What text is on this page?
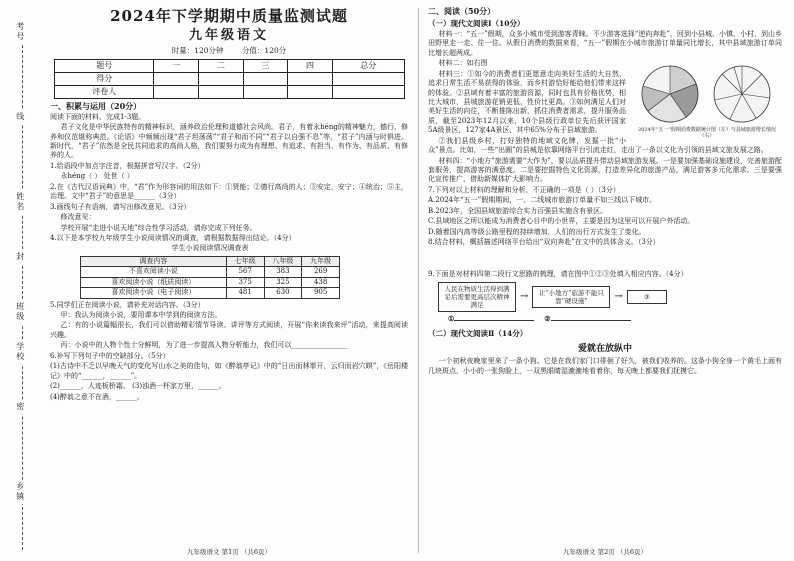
考号
姓名
班级
学校
乡镇
线
封
密
2024年下学期期中质量监测试题
九年级语文
时量：120分钟 分值：120分
题号	一	二	三	四	总分
得分					
评卷人					
一、积累与运用（20分）

阅读下面的材料，完成1-3题。

君子文化是中华民族特有的精神标识，涵养政治伦理和道德社会风尚。君子，有着永héng的精神魅力，德行、修养和仪范堪称典范。《论语》中频频出现“君子坦荡荡”“君子和而不同”“君子以自强不息”等，“君子”内涵与时俱进。新时代，“君子”依然是全民共同追求的高尚人格，我们要努力成为有理想、有追求、有担当、有作为、有品质、有修养的人。

1.给语段中加点字注音，根据拼音写汉字。（2分）

永héng（ ） 处世（ ）

2.在《古代汉语词典》中，“君”作为形容词的用法如下：①贤能；②德行高尚的人；③安定，安宁；④统治；⑤主，治理。文中“君子”的意思是______（3分）

3.画线句子有语病，请写出修改意见。（3分）

修改意见：

学校开展“走进小说天地”综合性学习活动，请你完成下列任务。

4.以下是本学校九年级学生小说阅读情况的调查，请根据数据得出结论。（4分）

学生小说阅读情况调查表
调查内容	七年级	八年级	九年级
不喜欢阅读小说	567	383	269
喜欢阅读小说（纸质阅读）	375	325	438
喜欢阅读小说（电子阅读）	481	630	905

5.同学们正在阅读小说，请补充对话内容。（3分）

甲：我认为阅读小说，要用课本中学到的阅读方法。

乙：有的小说篇幅很长，我们可以借助精彩情节导读、讲评等方式阅读，开展“你来读我来评”活动，来提高阅读兴趣。

丙：小说中的人物个性十分鲜明，为了进一步提高人物分析能力，我们可以________________

6.补写下列句子中的空缺部分。（5分）

(1)古诗中不乏以早晚天气的变化写山水之美的佳句，如《醉翁亭记》中的“日出而林霏开，云归而岩穴暝”，《岳阳楼记》中的“______，______”。

(2)______，人迹板桥霜。 (3)浊酒一杯家万里，______。

(4)醉翁之意不在酒，______。

九年级语文 第1页 （共6页）
二、阅读（50分）
（一）现代文阅读Ⅰ（10分）

材料一：“五一”假期，众多小城市受到游客青睐。不少游客选择“逆向奔赴”，回到小县城、小镇、小村，到山乡田野里走一走、住一住。从假日消费的数据来看，“五一”假期在小城市旅游订单量同比增长，其中县域旅游订单同比增长超两成。

2024年“五一”假期消费数据统计图（左）与县域旅游增长情况（右）

材料二：如右图

材料三：①如今的消费者们更愿意走向美好生活的大自然，追求日常生活不易获得的体验，而乡村游恰好能给他们带来这样的体验。②县域有着丰富的旅游资源，同时也具有价格优势，相比大城市，县城旅游花销更低，性价比更高。③如何满足人们对美好生活的向往，不断推陈出新，抓住消费者需求，提升服务品质，截至2023年12月以来，10个县级行政单位先后获评国家5A级景区，127家4A景区，其中65%分布于县域旅游。

②我们县级乡村，打好独特的地域文化牌，发掘一批“小众”景点。比如，一些“出圈”的县城是依靠网络平台引流走红，走出了一条以文化为引领的县域文旅发展之路。

材料四：“小地方”旅游需要“大作为”，要以品质提升带动县域旅游发展。一是要加强基础设施建设，完善旅游配套服务，提高游客的满意度。二是要挖掘特色文化资源，打造差异化的旅游产品，满足游客多元化需求。三是要强化宣传推广，借助新媒体扩大影响力。

7.下列对以上材料的理解和分析，不正确的一项是（ ）（3分）

A.2024年“五一”假期期间，一、二线城市旅游订单量不如三线以下城市。

B.2023年，全国县域旅游综合实力百强县实施含有景区。

C.县域地区之所以能成为消费者心目中的小世界，主要是因为这里可以开展户外活动。

D.随着国内高等级公路里程的持续增加，人们的出行方式发生了变化。

8.结合材料，概括描述网络平台给出“双向奔赴”在文中的具体含义。（3分）

9.下面是对材料四第二段行文思路的梳理，请在图中①②③处填入相应内容。（4分）

人民在物质生活得到满足后需要更高层次精神满足
→	让“小地方”旅游不能只靠“硬设施”	→	③
①	②
（二）现代文阅读Ⅱ（14分）
爱就在放纵中

一个初秋夜晚家里来了一条小狗。它是在我们家门口徘徊了好久，被我们收养的。这条小狗全身一个黄毛上面有几块斑点，小小的一张狗脸上，一双黑眼睛湿漉漉地看着你，每天晚上都要我们抚摸它。

九年级语文 第2页 （共6页）
